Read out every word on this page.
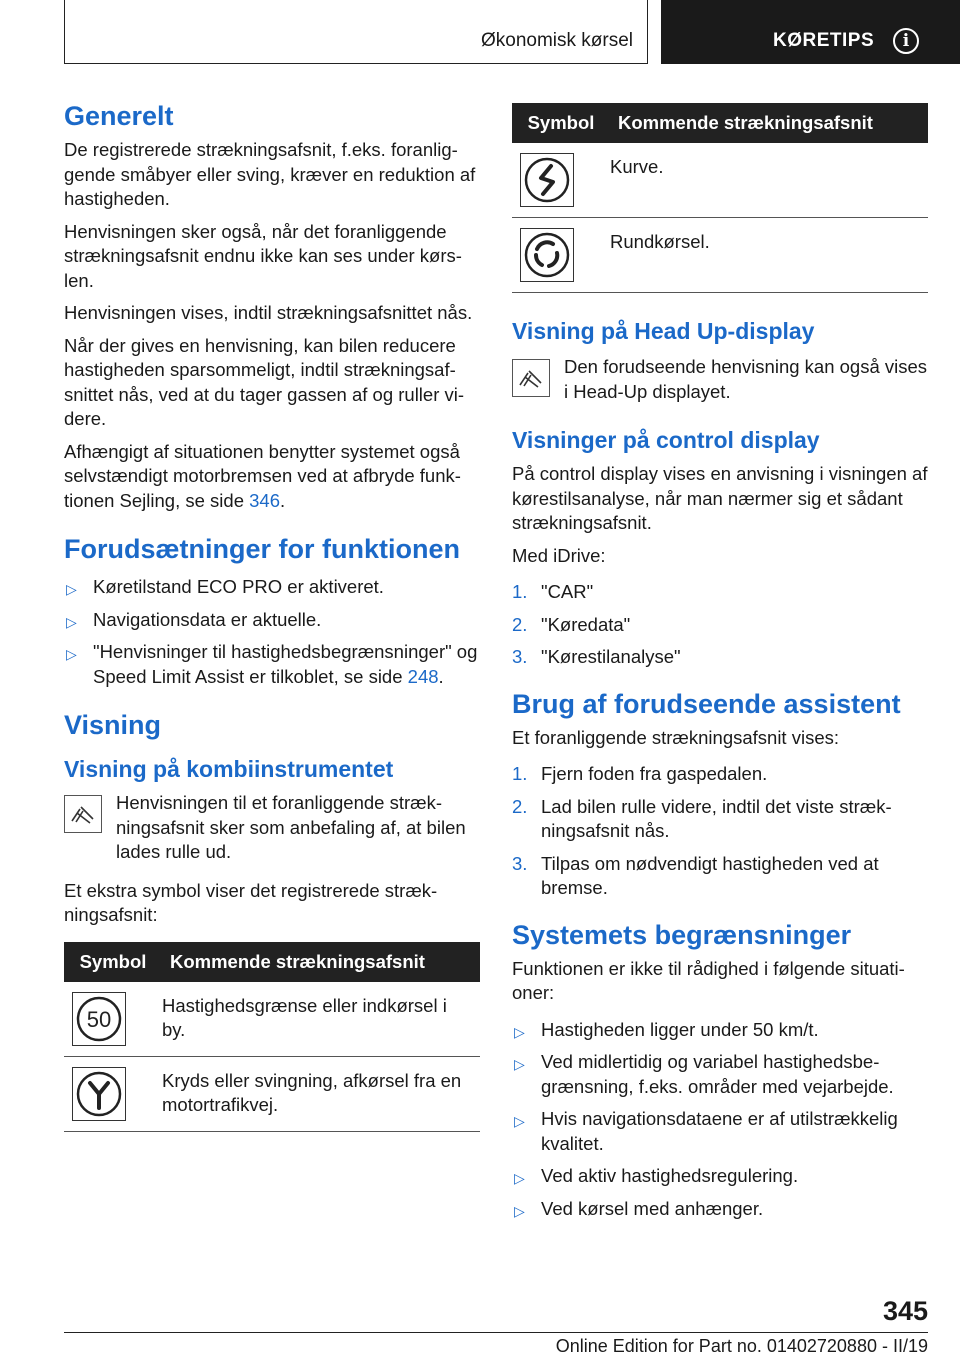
Økonomisk kørsel	KØRETIPS	i
Generelt

De registrerede strækningsafsnit, f.eks. foranliggende småbyer eller sving, kræver en reduktion af hastigheden.

Henvisningen sker også, når det foranliggende strækningsafsnit endnu ikke kan ses under kørslen.

Henvisningen vises, indtil strækningsafsnittet nås.

Når der gives en henvisning, kan bilen reducere hastigheden sparsommeligt, indtil strækningsafsnittet nås, ved at du tager gassen af og ruller videre.

Afhængigt af situationen benytter systemet også selvstændigt motorbremsen ved at afbryde funktionen Sejling, se side 346.

Forudsætninger for funktionen
▷ Køretilstand ECO PRO er aktiveret.
▷ Navigationsdata er aktuelle.
▷ "Henvisninger til hastighedsbegrænsninger" og Speed Limit Assist er tilkoblet, se side 248.
Visning
Visning på kombiinstrumentet

Henvisningen til et foranliggende strækningsafsnit sker som anbefaling af, at bilen lades rulle ud.

Et ekstra symbol viser det registrerede strækningsafsnit:

Symbol	Kommende strækningsafsnit

50	Hastighedsgrænse eller indkørsel i by.

	Kryds eller svingning, afkørsel fra en motortrafikvej.
Symbol	Kommende strækningsafsnit

	Kurve.

	Rundkørsel.
Visning på Head Up-display

Den forudseende henvisning kan også vises i Head-Up displayet.

Visninger på control display

På control display vises en anvisning i visningen af kørestilsanalyse, når man nærmer sig et sådant strækningsafsnit.

Med iDrive:

1. "CAR"
2. "Køredata"
3. "Kørestilanalyse"
Brug af forudseende assistent

Et foranliggende strækningsafsnit vises:

1. Fjern foden fra gaspedalen.
2. Lad bilen rulle videre, indtil det viste strækningsafsnit nås.
3. Tilpas om nødvendigt hastigheden ved at bremse.
Systemets begrænsninger

Funktionen er ikke til rådighed i følgende situationer:

▷ Hastigheden ligger under 50 km/t.
▷ Ved midlertidig og variabel hastighedsbegrænsning, f.eks. områder med vejarbejde.
▷ Hvis navigationsdataene er af utilstrækkelig kvalitet.
▷ Ved aktiv hastighedsregulering.
▷ Ved kørsel med anhænger.
345
Online Edition for Part no. 01402720880 - II/19
